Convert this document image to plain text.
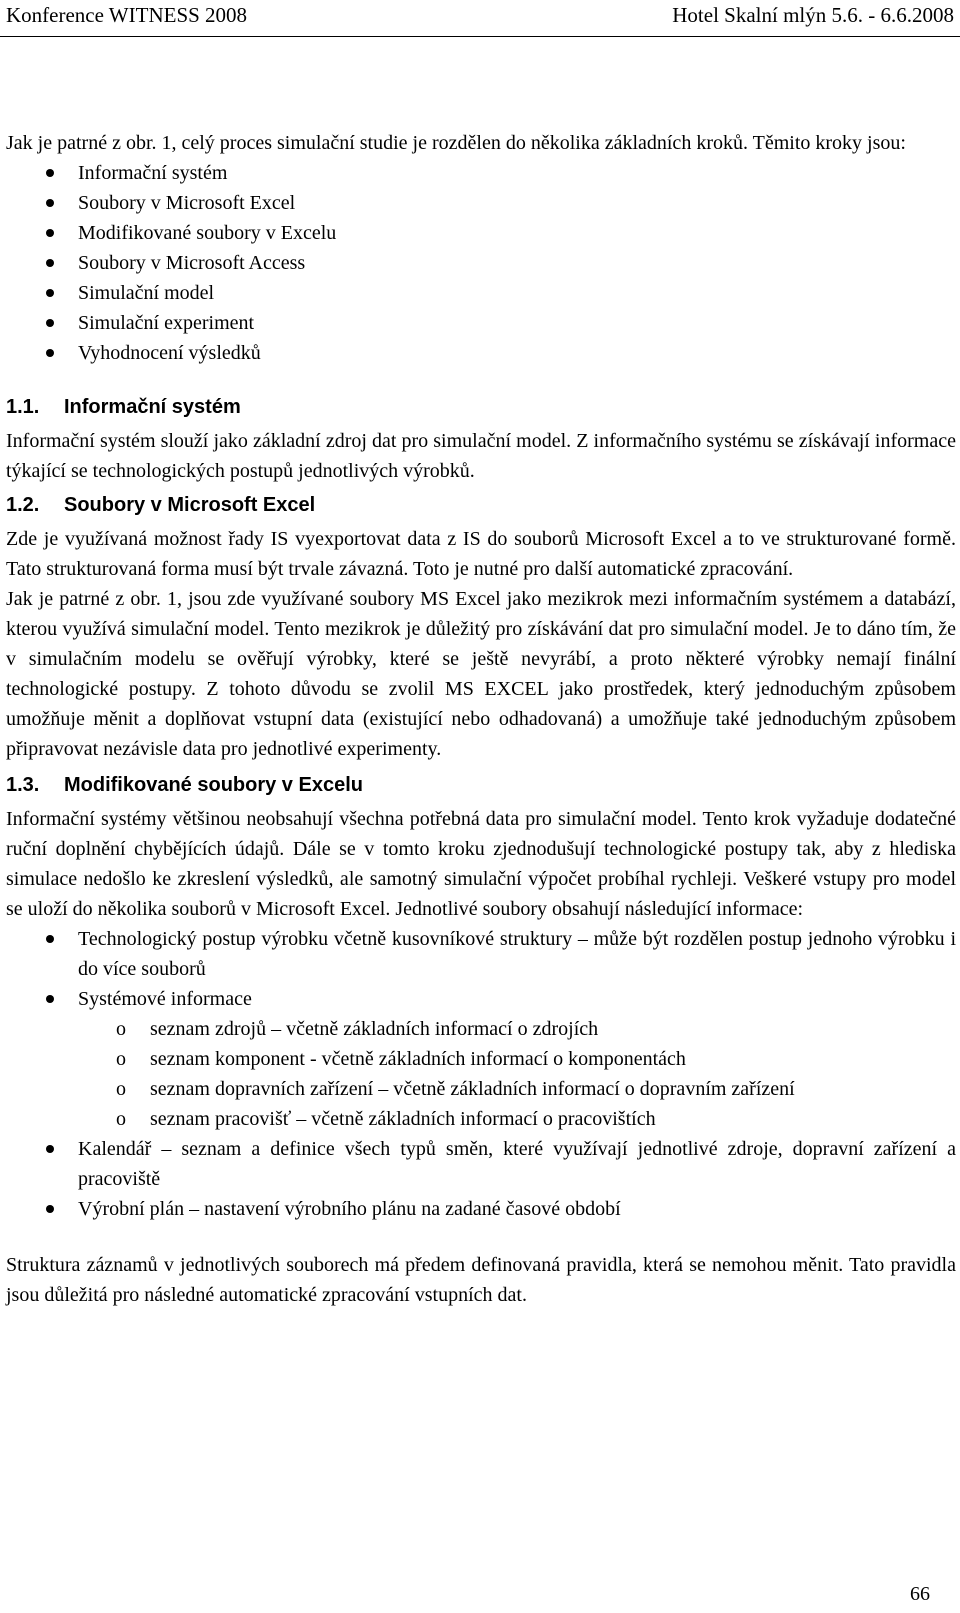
Konference WITNESS 2008	Hotel Skalní mlýn 5.6. - 6.6.2008

Jak je patrné z obr. 1, celý proces simulační studie je rozdělen do několika základních kroků. Těmito kroky jsou:

Informační systém
Soubory v Microsoft Excel
Modifikované soubory v Excelu
Soubory v Microsoft Access
Simulační model
Simulační experiment
Vyhodnocení výsledků
1.1. Informační systém

Informační systém slouží jako základní zdroj dat pro simulační model. Z informačního systému se získávají informace týkající se technologických postupů jednotlivých výrobků.

1.2. Soubory v Microsoft Excel

Zde je využívaná možnost řady IS vyexportovat data z IS do souborů Microsoft Excel a to ve strukturované formě. Tato strukturovaná forma musí být trvale závazná. Toto je nutné pro další automatické zpracování.

Jak je patrné z obr. 1, jsou zde využívané soubory MS Excel jako mezikrok mezi informačním systémem a databází, kterou využívá simulační model. Tento mezikrok je důležitý pro získávání dat pro simulační model. Je to dáno tím, že v simulačním modelu se ověřují výrobky, které se ještě nevyrábí, a proto některé výrobky nemají finální technologické postupy. Z tohoto důvodu se zvolil MS EXCEL jako prostředek, který jednoduchým způsobem umožňuje měnit a doplňovat vstupní data (existující nebo odhadovaná) a umožňuje také jednoduchým způsobem připravovat nezávisle data pro jednotlivé experimenty.

1.3. Modifikované soubory v Excelu

Informační systémy většinou neobsahují všechna potřebná data pro simulační model. Tento krok vyžaduje dodatečné ruční doplnění chybějících údajů. Dále se v tomto kroku zjednodušují technologické postupy tak, aby z hlediska simulace nedošlo ke zkreslení výsledků, ale samotný simulační výpočet probíhal rychleji. Veškeré vstupy pro model se uloží do několika souborů v Microsoft Excel. Jednotlivé soubory obsahují následující informace:

Technologický postup výrobku včetně kusovníkové struktury – může být rozdělen postup jednoho výrobku i do více souborů
Systémové informace
o seznam zdrojů – včetně základních informací o zdrojích
o seznam komponent - včetně základních informací o komponentách
o seznam dopravních zařízení – včetně základních informací o dopravním zařízení
o seznam pracovišť – včetně základních informací o pracovištích
Kalendář – seznam a definice všech typů směn, které využívají jednotlivé zdroje, dopravní zařízení a pracoviště
Výrobní plán – nastavení výrobního plánu na zadané časové období

Struktura záznamů v jednotlivých souborech má předem definovaná pravidla, která se nemohou měnit. Tato pravidla jsou důležitá pro následné automatické zpracování vstupních dat.

66
